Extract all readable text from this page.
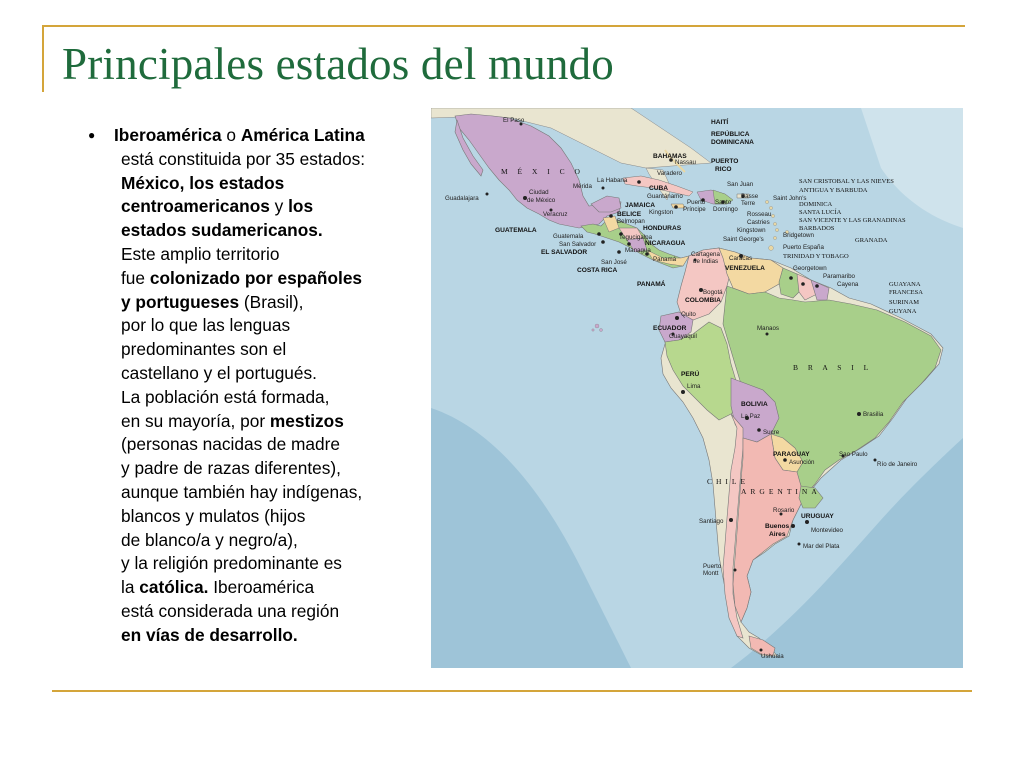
Principales estados del mundo
● Iberoamérica o América Latina
está constituida por 35 estados:
México, los estados
centroamericanos y los
estados sudamericanos.
Este amplio territorio
fue colonizado por españoles
y portugueses (Brasil),
por lo que las lenguas
predominantes son el
castellano y el portugués.
La población está formada,
en su mayoría, por mestizos
(personas nacidas de madre
y padre de razas diferentes),
aunque también hay indígenas,
blancos y mulatos (hijos
de blanco/a y negro/a),
y la religión predominante es
la católica. Iberoamérica
está considerada una región
en vías de desarrollo.
El Paso
M É X I C O
Guadalajara
Ciudad
de México
Mérida
Veracruz
GUATEMALA
Guatemala
San Salvador
EL SALVADOR
San José
COSTA RICA
BELICE
Belmopan
Tegucigalpa
NICARAGUA
Managua
HONDURAS
Panamá
PANAMÁ
BAHAMAS
Nassau
Varadero
La Habana
CUBA
Guantánamo
JAMAICA
Kingston
HAITÍ
REPÚBLICA
DOMINICANA
PUERTO
RICO
San Juan
Puerto
Príncipe
Santo
Domingo
Basse
Terre
Saint John's
Rosseau
Castries
Kingstown
Saint George's
Bridgetown
Puerto España
TRINIDAD Y TOBAGO
SAN CRISTOBAL Y LAS NIEVES
ANTIGUA Y BARBUDA
DOMINICA
SANTA LUCÍA
SAN VICENTE Y LAS GRANADINAS
BARBADOS
GRANADA
Cartagena
de Indias Caracas
VENEZUELA	Georgetown
Paramaribo
Cayena	GUAYANA
FRANCESA
SURINAM
GUYANA
Bogotá
COLOMBIA
Quito
ECUADOR
Guayaquil
Manaos
B R A S I L
PERÚ
Lima
BOLIVIA
La Paz
Sucre
Brasilia
PARAGUAY
Asunción
Sao Paulo
Río de Janeiro
CHILE
ARGENTINA
Rosario
URUGUAY
Santiago
Buenos
Aires
Montevideo
Mar del Plata
Puerto
Montt
Ushuaia
